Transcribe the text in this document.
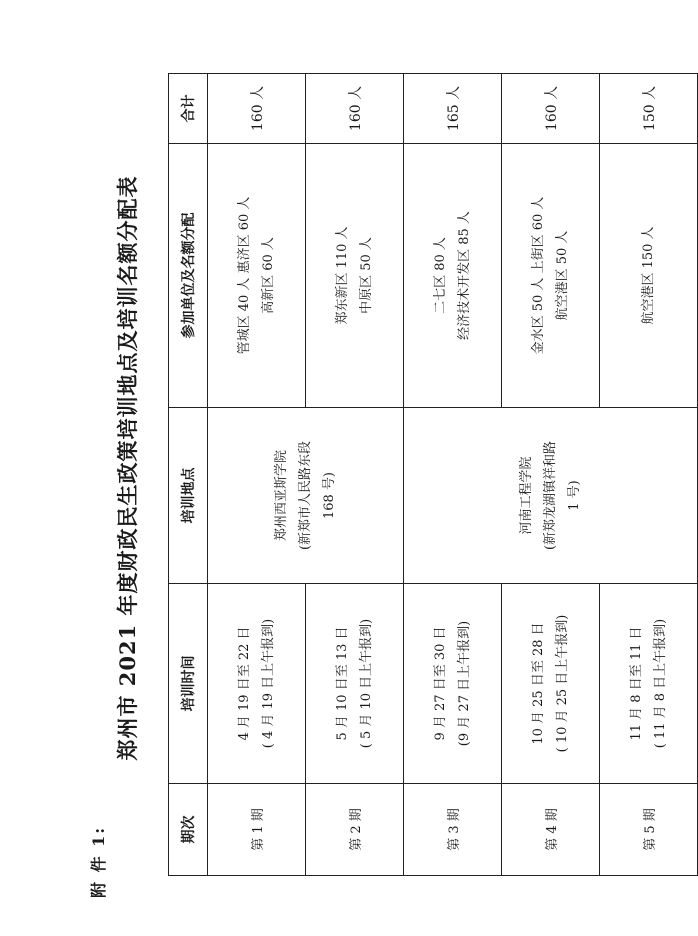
附 件 1:
郑州市 2021 年度财政民生政策培训地点及培训名额分配表
期次	培训时间	培训地点	参加单位及名额分配	合计
第 1 期	4 月 19 日至 22 日 ( 4 月 19 日上午报到)	郑州西亚斯学院 (新郑市人民路东段 168 号)	管城区 40 人 惠济区 60 人 高新区 60 人	160 人
第 2 期	5 月 10 日至 13 日 ( 5 月 10 日上午报到)		郑东新区 110 人 中原区 50 人	160 人
第 3 期	9 月 27 日至 30 日 (9 月 27 日上午报到)	河南工程学院 (新郑龙湖镇祥和路 1 号)	二七区 80 人 经济技术开发区 85 人	165 人
第 4 期	10 月 25 日至 28 日 ( 10 月 25 日上午报到)		金水区 50 人 上街区 60 人 航空港区 50 人	160 人
第 5 期	11 月 8 日至 11 日 ( 11 月 8 日上午报到)		航空港区 150 人	150 人
